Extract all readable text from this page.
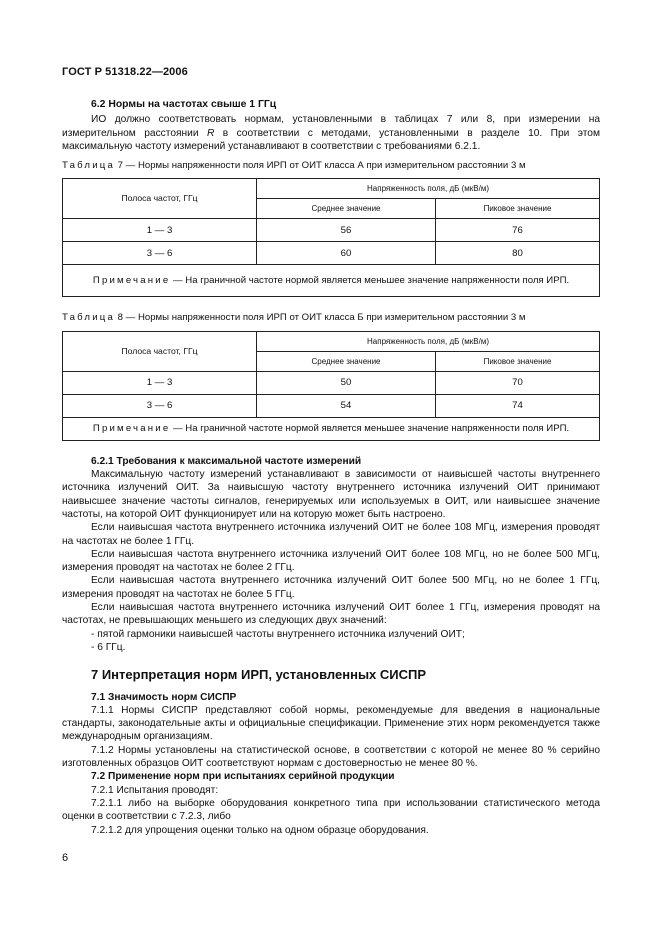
ГОСТ Р 51318.22—2006
6.2 Нормы на частотах свыше 1 ГГц

ИО должно соответствовать нормам, установленными в таблицах 7 или 8, при измерении на измерительном расстоянии R в соответствии с методами, установленными в разделе 10. При этом максимальную частоту измерений устанавливают в соответствии с требованиями 6.2.1.

Таблица 7 — Нормы напряженности поля ИРП от ОИТ класса А при измерительном расстоянии 3 м
Полоса частот, ГГц	Напряженность поля, дБ (мкВ/м)	
	Среднее значение	Пиковое значение
1 — 3	56	76
3 — 6	60	80
Примечание — На граничной частоте нормой является меньшее значение напряженности поля ИРП.		
Таблица 8 — Нормы напряженности поля ИРП от ОИТ класса Б при измерительном расстоянии 3 м
Полоса частот, ГГц	Напряженность поля, дБ (мкВ/м)	
	Среднее значение	Пиковое значение
1 — 3	50	70
3 — 6	54	74
Примечание — На граничной частоте нормой является меньшее значение напряженности поля ИРП.		
6.2.1 Требования к максимальной частоте измерений

Максимальную частоту измерений устанавливают в зависимости от наивысшей частоты внутреннего источника излучений ОИТ. За наивысшую частоту внутреннего источника излучений ОИТ принимают наивысшее значение частоты сигналов, генерируемых или используемых в ОИТ, или наивысшее значение частоты, на которой ОИТ функционирует или на которую может быть настроено.

Если наивысшая частота внутреннего источника излучений ОИТ не более 108 МГц, измерения проводят на частотах не более 1 ГГц.

Если наивысшая частота внутреннего источника излучений ОИТ более 108 МГц, но не более 500 МГц, измерения проводят на частотах не более 2 ГГц.

Если наивысшая частота внутреннего источника излучений ОИТ более 500 МГц, но не более 1 ГГц, измерения проводят на частотах не более 5 ГГц.

Если наивысшая частота внутреннего источника излучений ОИТ более 1 ГГц, измерения проводят на частотах, не превышающих меньшего из следующих двух значений:

- пятой гармоники наивысшей частоты внутреннего источника излучений ОИТ;

- 6 ГГц.

7 Интерпретация норм ИРП, установленных СИСПР
7.1 Значимость норм СИСПР

7.1.1 Нормы СИСПР представляют собой нормы, рекомендуемые для введения в национальные стандарты, законодательные акты и официальные спецификации. Применение этих норм рекомендуется также международным организациям.

7.1.2 Нормы установлены на статистической основе, в соответствии с которой не менее 80 % серийно изготовленных образцов ОИТ соответствуют нормам с достоверностью не менее 80 %.

7.2 Применение норм при испытаниях серийной продукции

7.2.1 Испытания проводят:

7.2.1.1 либо на выборке оборудования конкретного типа при использовании статистического метода оценки в соответствии с 7.2.3, либо

7.2.1.2 для упрощения оценки только на одном образце оборудования.

6
